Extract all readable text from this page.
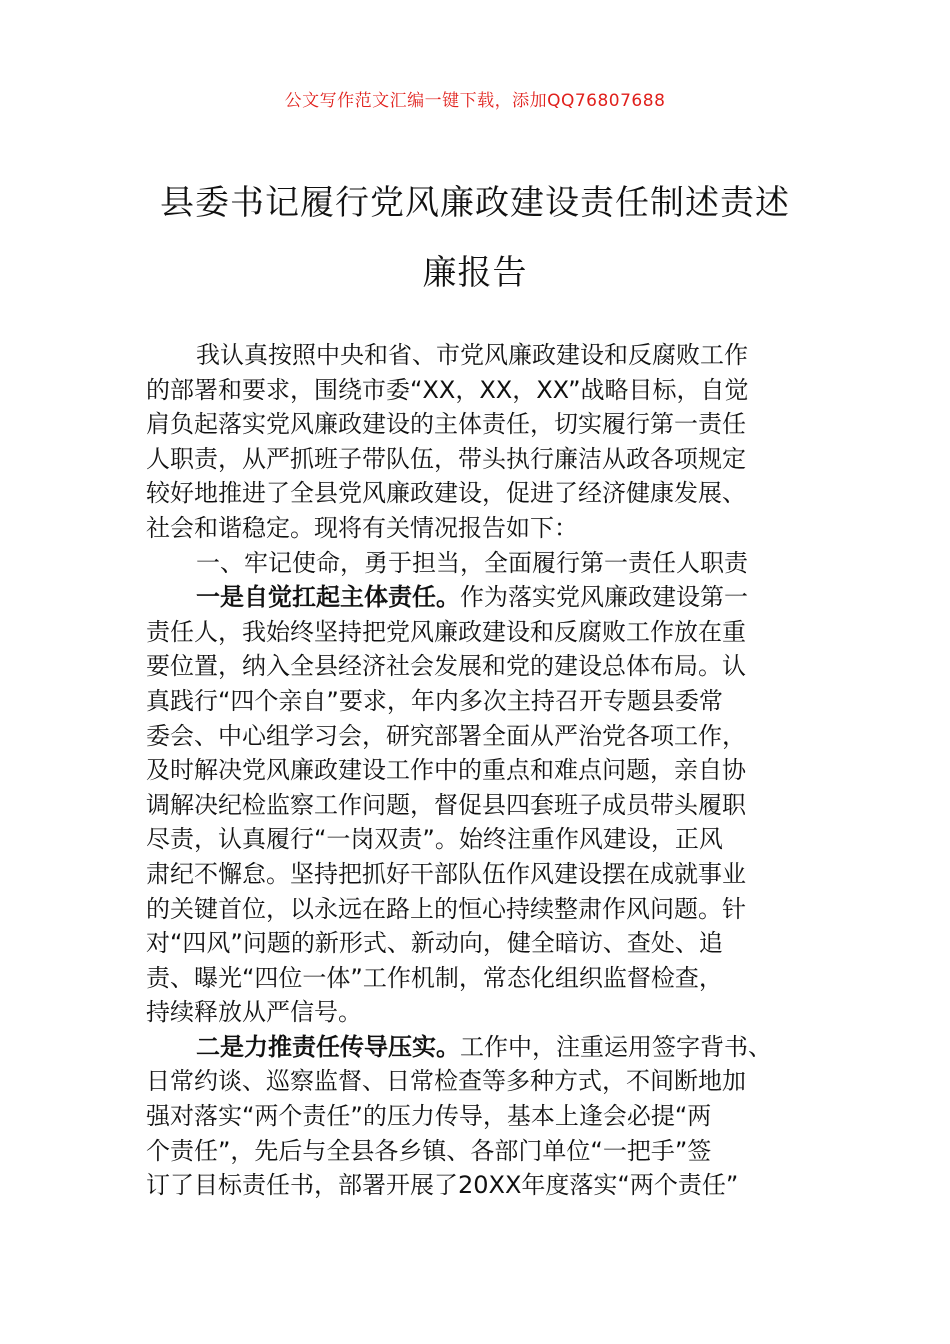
公文写作范文汇编一键下载，添加QQ76807688
县委书记履行党风廉政建设责任制述责述
廉报告
我认真按照中央和省、市党风廉政建设和反腐败工作
的部署和要求，围绕市委“XX，XX，XX”战略目标，自觉
肩负起落实党风廉政建设的主体责任，切实履行第一责任
人职责，从严抓班子带队伍，带头执行廉洁从政各项规定
较好地推进了全县党风廉政建设，促进了经济健康发展、
社会和谐稳定。现将有关情况报告如下：
一、牢记使命，勇于担当，全面履行第一责任人职责
一是自觉扛起主体责任。作为落实党风廉政建设第一
责任人，我始终坚持把党风廉政建设和反腐败工作放在重
要位置，纳入全县经济社会发展和党的建设总体布局。认
真践行“四个亲自”要求，年内多次主持召开专题县委常
委会、中心组学习会，研究部署全面从严治党各项工作，
及时解决党风廉政建设工作中的重点和难点问题，亲自协
调解决纪检监察工作问题，督促县四套班子成员带头履职
尽责，认真履行“一岗双责”。始终注重作风建设，正风
肃纪不懈怠。坚持把抓好干部队伍作风建设摆在成就事业
的关键首位，以永远在路上的恒心持续整肃作风问题。针
对“四风”问题的新形式、新动向，健全暗访、查处、追
责、曝光“四位一体”工作机制，常态化组织监督检查，
持续释放从严信号。
二是力推责任传导压实。工作中，注重运用签字背书、
日常约谈、巡察监督、日常检查等多种方式，不间断地加
强对落实“两个责任”的压力传导，基本上逢会必提“两
个责任”，先后与全县各乡镇、各部门单位“一把手”签
订了目标责任书，部署开展了20XX年度落实“两个责任”
